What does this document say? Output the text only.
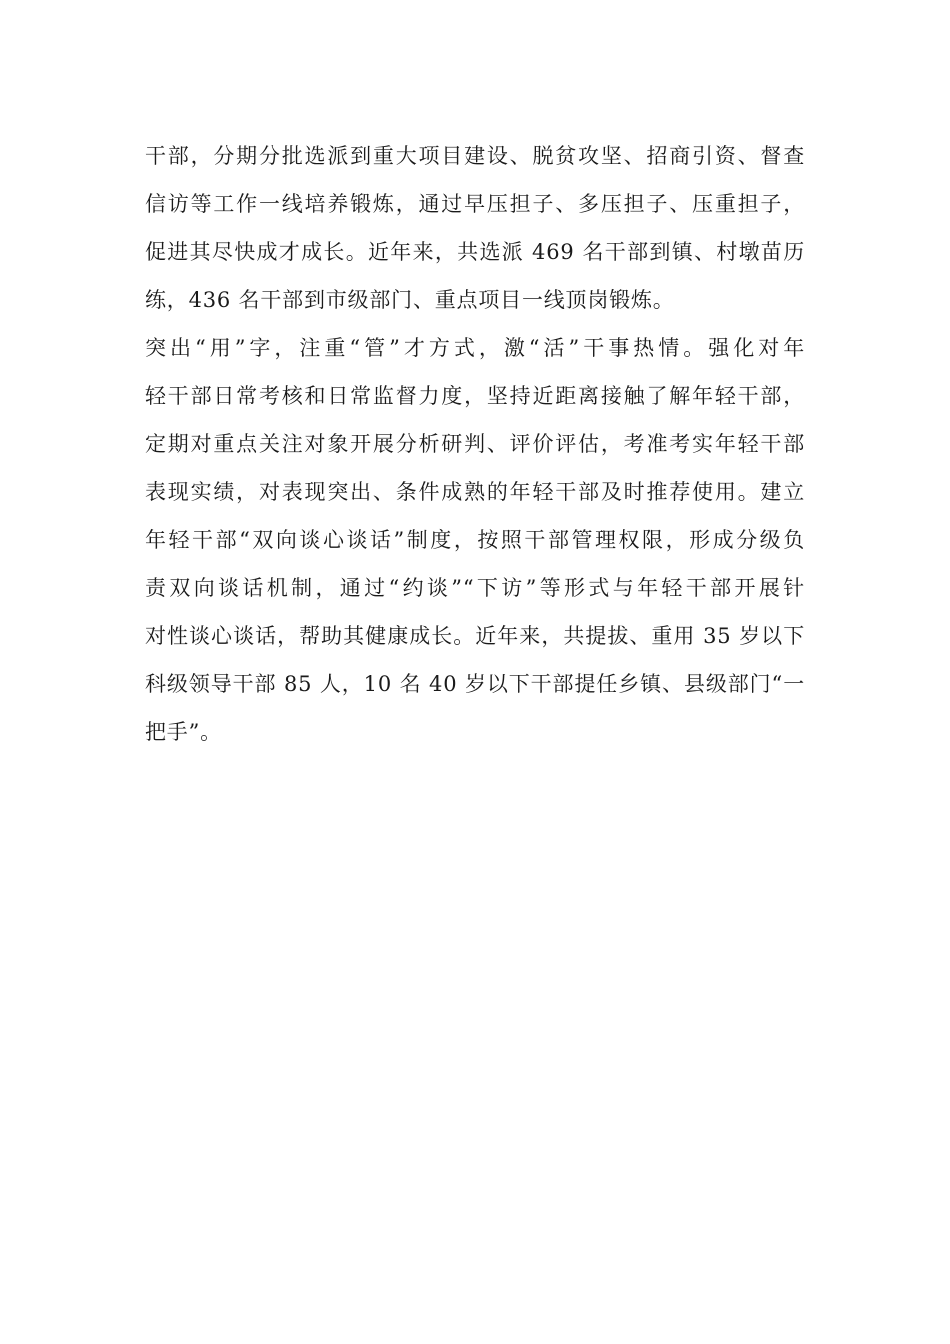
干部，分期分批选派到重大项目建设、脱贫攻坚、招商引资、督查
信访等工作一线培养锻炼，通过早压担子、多压担子、压重担子，
促进其尽快成才成长。近年来，共选派 469 名干部到镇、村墩苗历
练，436 名干部到市级部门、重点项目一线顶岗锻炼。
突出“用”字，注重“管”才方式，激“活”干事热情。强化对年
轻干部日常考核和日常监督力度，坚持近距离接触了解年轻干部，
定期对重点关注对象开展分析研判、评价评估，考准考实年轻干部
表现实绩，对表现突出、条件成熟的年轻干部及时推荐使用。建立
年轻干部“双向谈心谈话”制度，按照干部管理权限，形成分级负
责双向谈话机制，通过“约谈”“下访”等形式与年轻干部开展针
对性谈心谈话，帮助其健康成长。近年来，共提拔、重用 35 岁以下
科级领导干部 85 人，10 名 40 岁以下干部提任乡镇、县级部门“一
把手”。
